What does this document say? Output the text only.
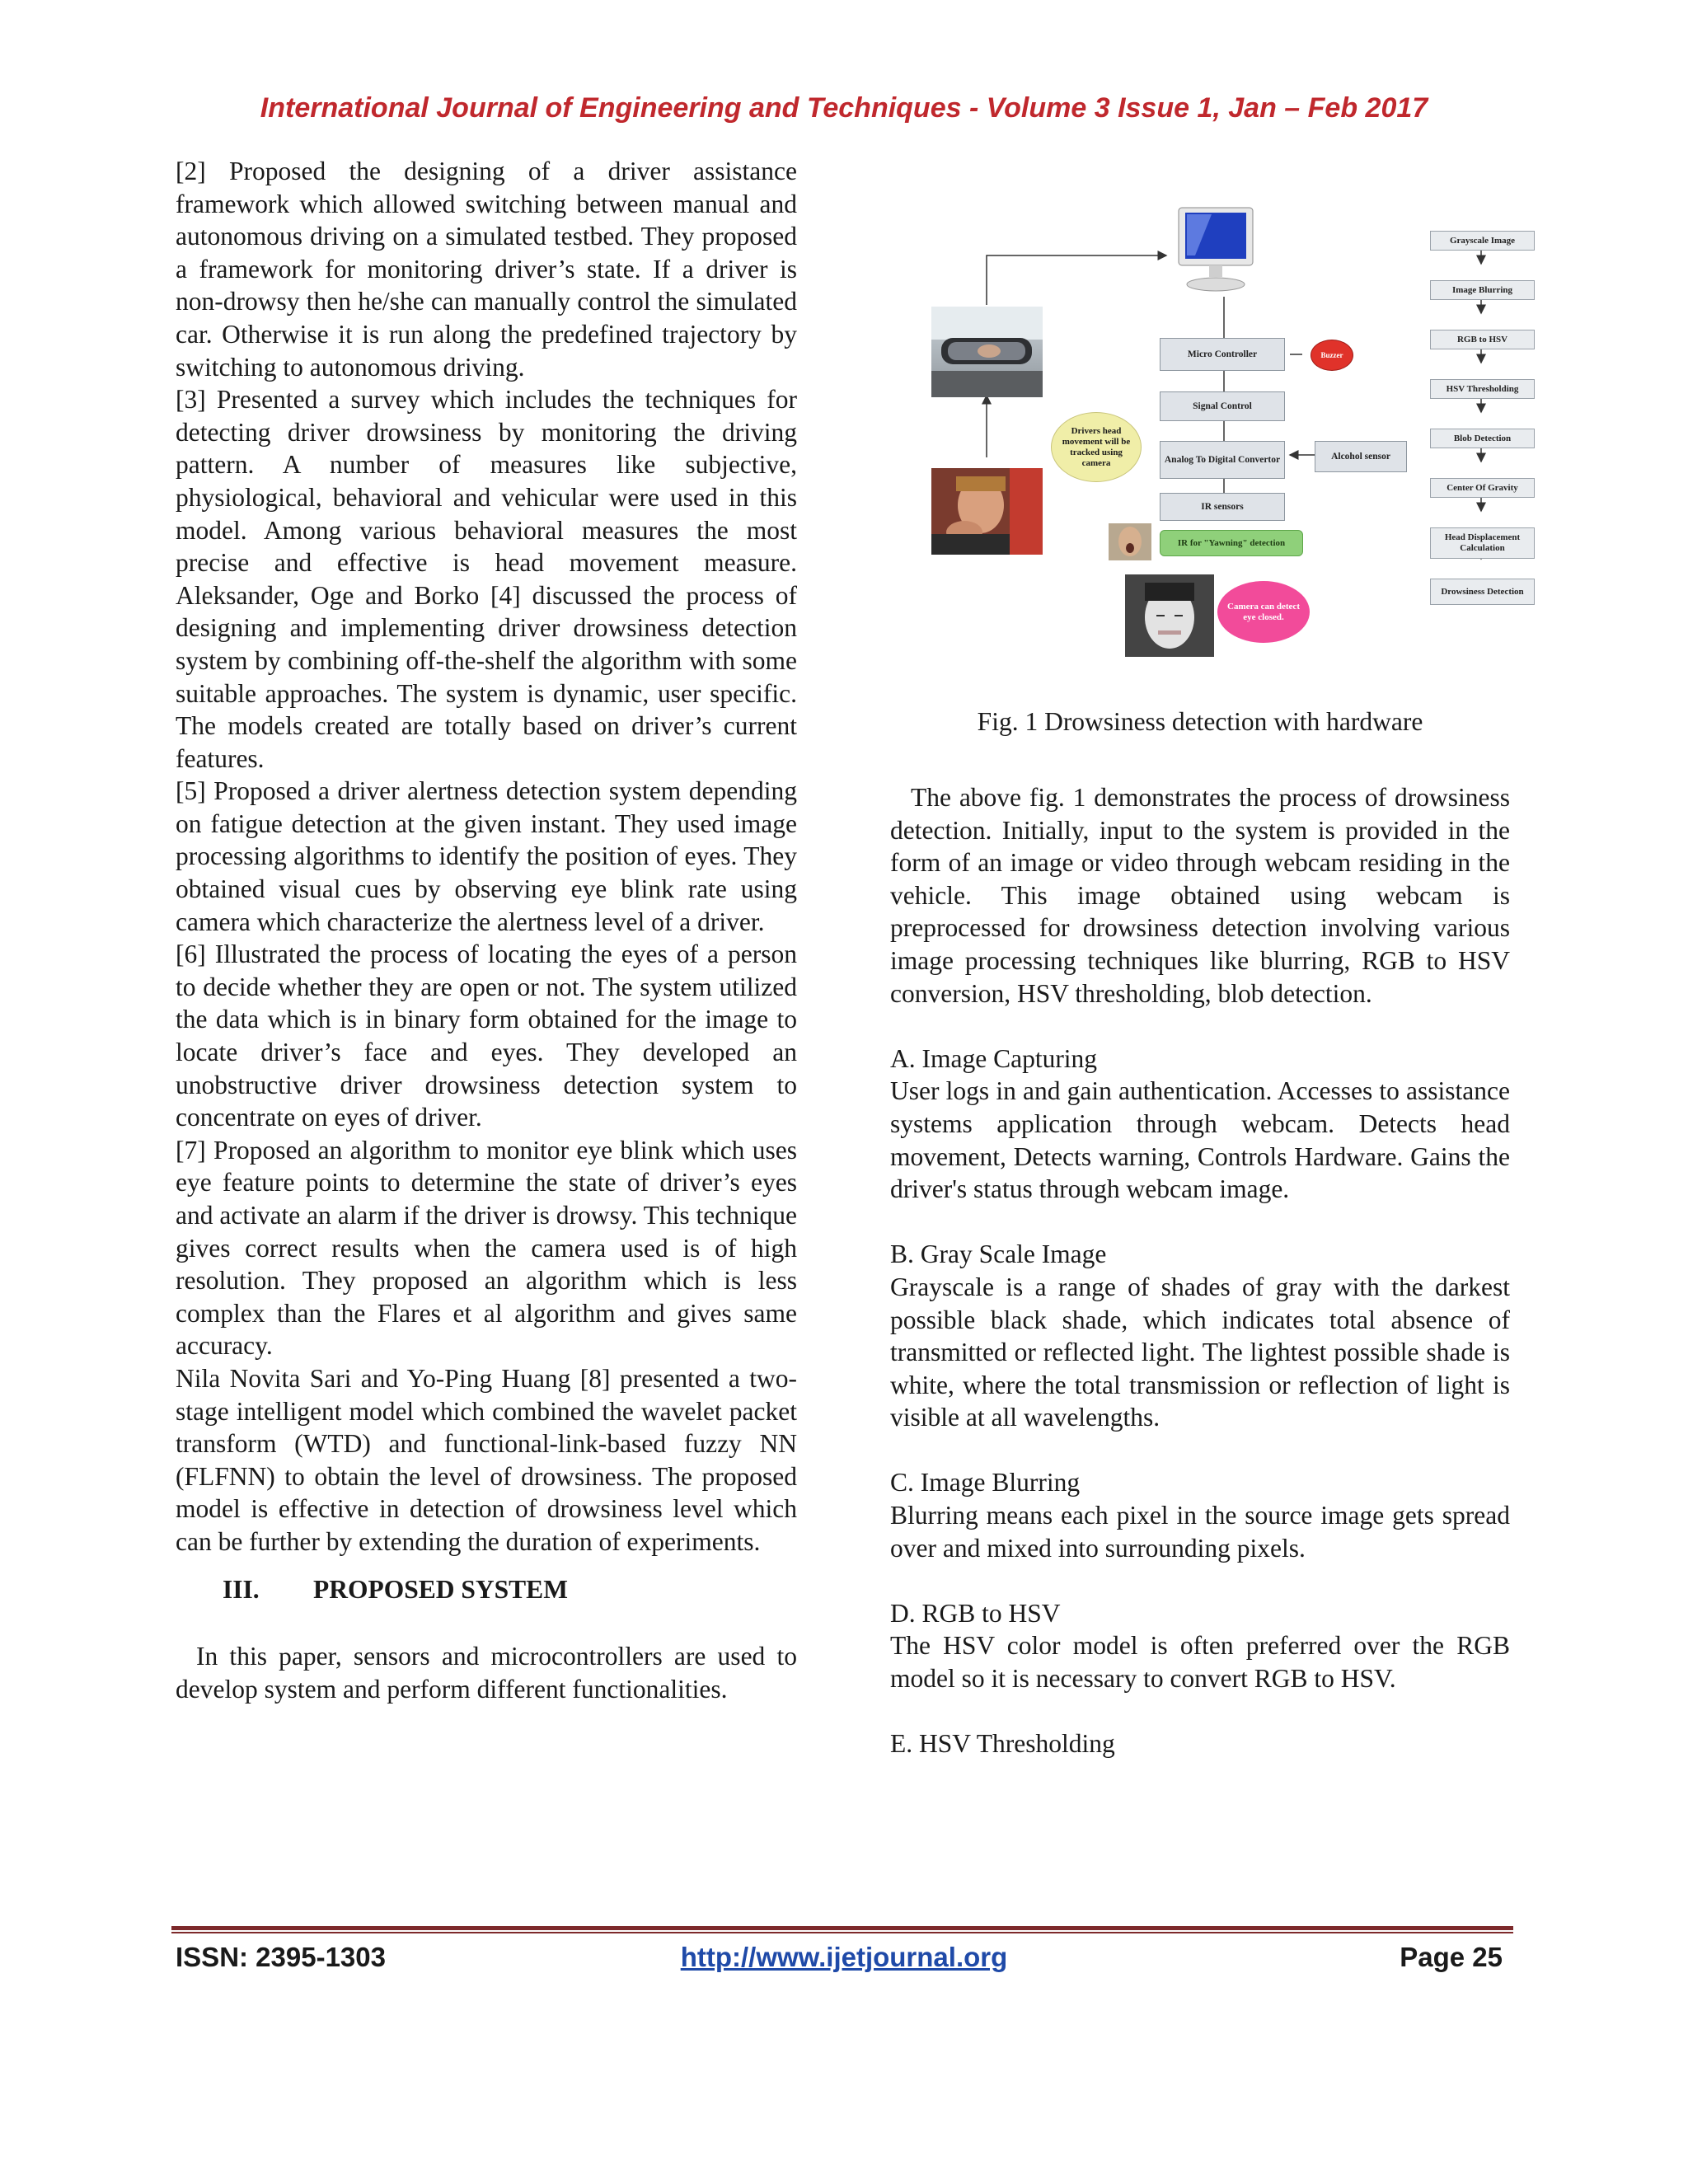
International Journal of Engineering and Techniques - Volume 3 Issue 1, Jan – Feb 2017

[2] Proposed the designing of a driver assistance framework which allowed switching between manual and autonomous driving on a simulated testbed. They proposed a framework for monitoring driver’s state. If a driver is non-drowsy then he/she can manually control the simulated car. Otherwise it is run along the predefined trajectory by switching to autonomous driving.

[3] Presented a survey which includes the techniques for detecting driver drowsiness by monitoring the driving pattern. A number of measures like subjective, physiological, behavioral and vehicular were used in this model. Among various behavioral measures the most precise and effective is head movement measure. Aleksander, Oge and Borko [4] discussed the process of designing and implementing driver drowsiness detection system by combining off-the-shelf the algorithm with some suitable approaches. The system is dynamic, user specific. The models created are totally based on driver’s current features.

[5] Proposed a driver alertness detection system depending on fatigue detection at the given instant. They used image processing algorithms to identify the position of eyes. They obtained visual cues by observing eye blink rate using camera which characterize the alertness level of a driver.

[6] Illustrated the process of locating the eyes of a person to decide whether they are open or not. The system utilized the data which is in binary form obtained for the image to locate driver’s face and eyes. They developed an unobstructive driver drowsiness detection system to concentrate on eyes of driver.

[7] Proposed an algorithm to monitor eye blink which uses eye feature points to determine the state of driver’s eyes and activate an alarm if the driver is drowsy. This technique gives correct results when the camera used is of high resolution. They proposed an algorithm which is less complex than the Flares et al algorithm and gives same accuracy.

Nila Novita Sari and Yo-Ping Huang [8] presented a two-stage intelligent model which combined the wavelet packet transform (WTD) and functional-link-based fuzzy NN (FLFNN) to obtain the level of drowsiness. The proposed model is effective in detection of drowsiness level which can be further by extending the duration of experiments.

III. PROPOSED SYSTEM

In this paper, sensors and microcontrollers are used to develop system and perform different functionalities.

Drivers head movement will be tracked using camera
Micro Controller	Buzzer
Signal Control
Analog To Digital Convertor	Alcohol sensor
IR sensors
IR for "Yawning" detection
Camera can detect eye closed.
Grayscale Image
Image Blurring
RGB to HSV
HSV Thresholding
Blob Detection
Center Of Gravity
Head Displacement Calculation
Drowsiness Detection
Fig. 1 Drowsiness detection with hardware

The above fig. 1 demonstrates the process of drowsiness detection. Initially, input to the system is provided in the form of an image or video through webcam residing in the vehicle. This image obtained using webcam is preprocessed for drowsiness detection involving various image processing techniques like blurring, RGB to HSV conversion, HSV thresholding, blob detection.

A. Image Capturing

User logs in and gain authentication. Accesses to assistance systems application through webcam. Detects head movement, Detects warning, Controls Hardware. Gains the driver's status through webcam image.

B. Gray Scale Image

Grayscale is a range of shades of gray with the darkest possible black shade, which indicates total absence of transmitted or reflected light. The lightest possible shade is white, where the total transmission or reflection of light is visible at all wavelengths.

C. Image Blurring

Blurring means each pixel in the source image gets spread over and mixed into surrounding pixels.

D. RGB to HSV

The HSV color model is often preferred over the RGB model so it is necessary to convert RGB to HSV.

E. HSV Thresholding

ISSN: 2395-1303	http://www.ijetjournal.org	Page 25
